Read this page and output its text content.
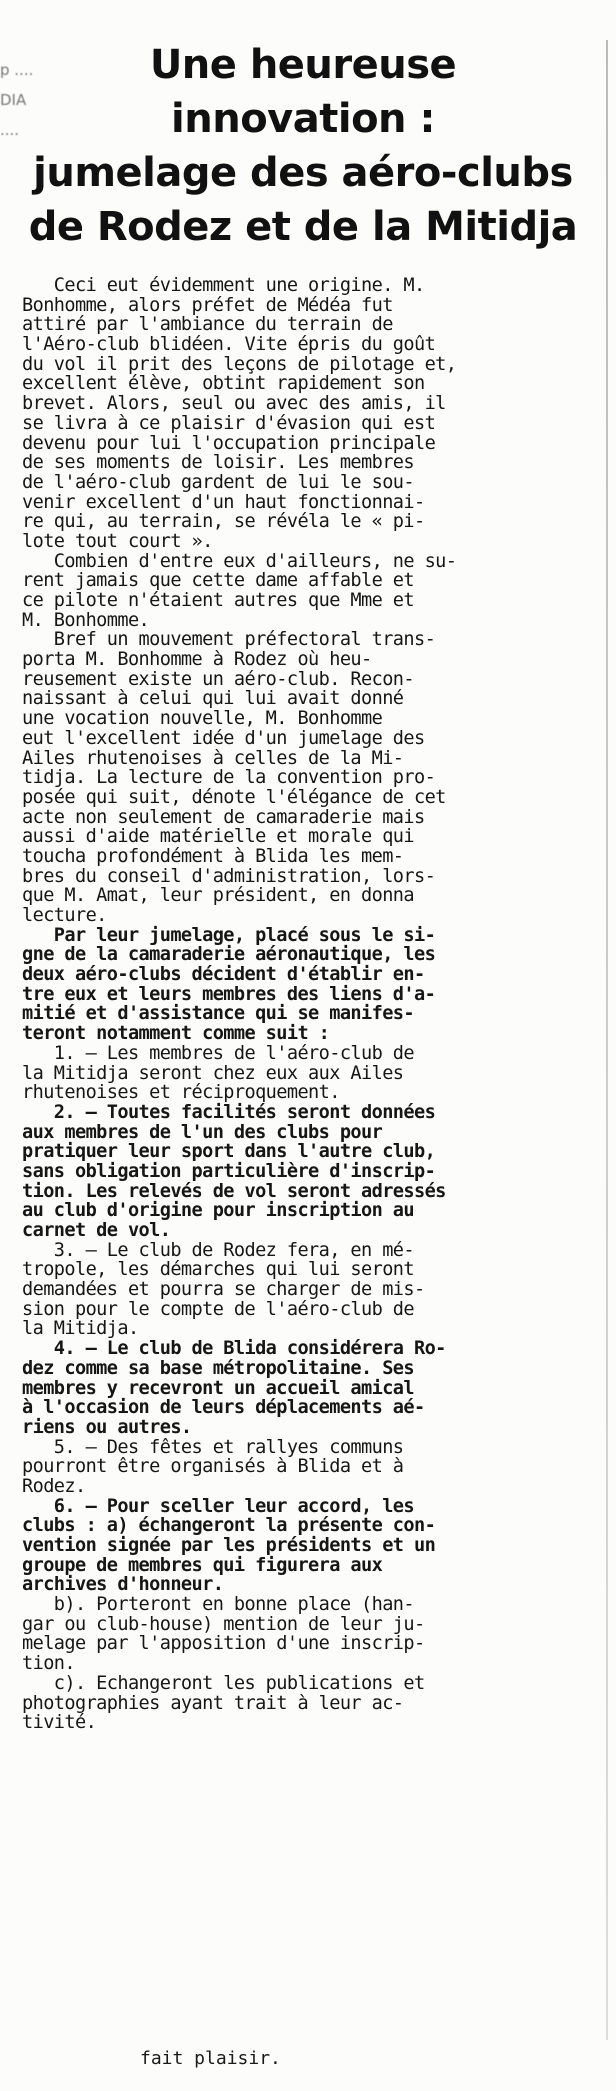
p ....
DIA
....
Une heureuse
innovation :
jumelage des aéro-clubs
de Rodez et de la Mitidja
Ceci eut évidemment une origine. M.
Bonhomme, alors préfet de Médéa fut
attiré par l'ambiance du terrain de
l'Aéro-club blidéen. Vite épris du goût
du vol il prit des leçons de pilotage et,
excellent élève, obtint rapidement son
brevet. Alors, seul ou avec des amis, il
se livra à ce plaisir d'évasion qui est
devenu pour lui l'occupation principale
de ses moments de loisir. Les membres
de l'aéro-club gardent de lui le sou-
venir excellent d'un haut fonctionnai-
re qui, au terrain, se révéla le « pi-
lote tout court ».
Combien d'entre eux d'ailleurs, ne su-
rent jamais que cette dame affable et
ce pilote n'étaient autres que Mme et
M. Bonhomme.
Bref un mouvement préfectoral trans-
porta M. Bonhomme à Rodez où heu-
reusement existe un aéro-club. Recon-
naissant à celui qui lui avait donné
une vocation nouvelle, M. Bonhomme
eut l'excellent idée d'un jumelage des
Ailes rhutenoises à celles de la Mi-
tidja. La lecture de la convention pro-
posée qui suit, dénote l'élégance de cet
acte non seulement de camaraderie mais
aussi d'aide matérielle et morale qui
toucha profondément à Blida les mem-
bres du conseil d'administration, lors-
que M. Amat, leur président, en donna
lecture.
Par leur jumelage, placé sous le si-
gne de la camaraderie aéronautique, les
deux aéro-clubs décident d'établir en-
tre eux et leurs membres des liens d'a-
mitié et d'assistance qui se manifes-
teront notamment comme suit :
1. — Les membres de l'aéro-club de
la Mitidja seront chez eux aux Ailes
rhutenoises et réciproquement.
2. — Toutes facilités seront données
aux membres de l'un des clubs pour
pratiquer leur sport dans l'autre club,
sans obligation particulière d'inscrip-
tion. Les relevés de vol seront adressés
au club d'origine pour inscription au
carnet de vol.
3. — Le club de Rodez fera, en mé-
tropole, les démarches qui lui seront
demandées et pourra se charger de mis-
sion pour le compte de l'aéro-club de
la Mitidja.
4. — Le club de Blida considérera Ro-
dez comme sa base métropolitaine. Ses
membres y recevront un accueil amical
à l'occasion de leurs déplacements aé-
riens ou autres.
5. — Des fêtes et rallyes communs
pourront être organisés à Blida et à
Rodez.
6. — Pour sceller leur accord, les
clubs : a) échangeront la présente con-
vention signée par les présidents et un
groupe de membres qui figurera aux
archives d'honneur.
b). Porteront en bonne place (han-
gar ou club-house) mention de leur ju-
melage par l'apposition d'une inscrip-
tion.
c). Echangeront les publications et
photographies ayant trait à leur ac-
tivité.
fait plaisir.
